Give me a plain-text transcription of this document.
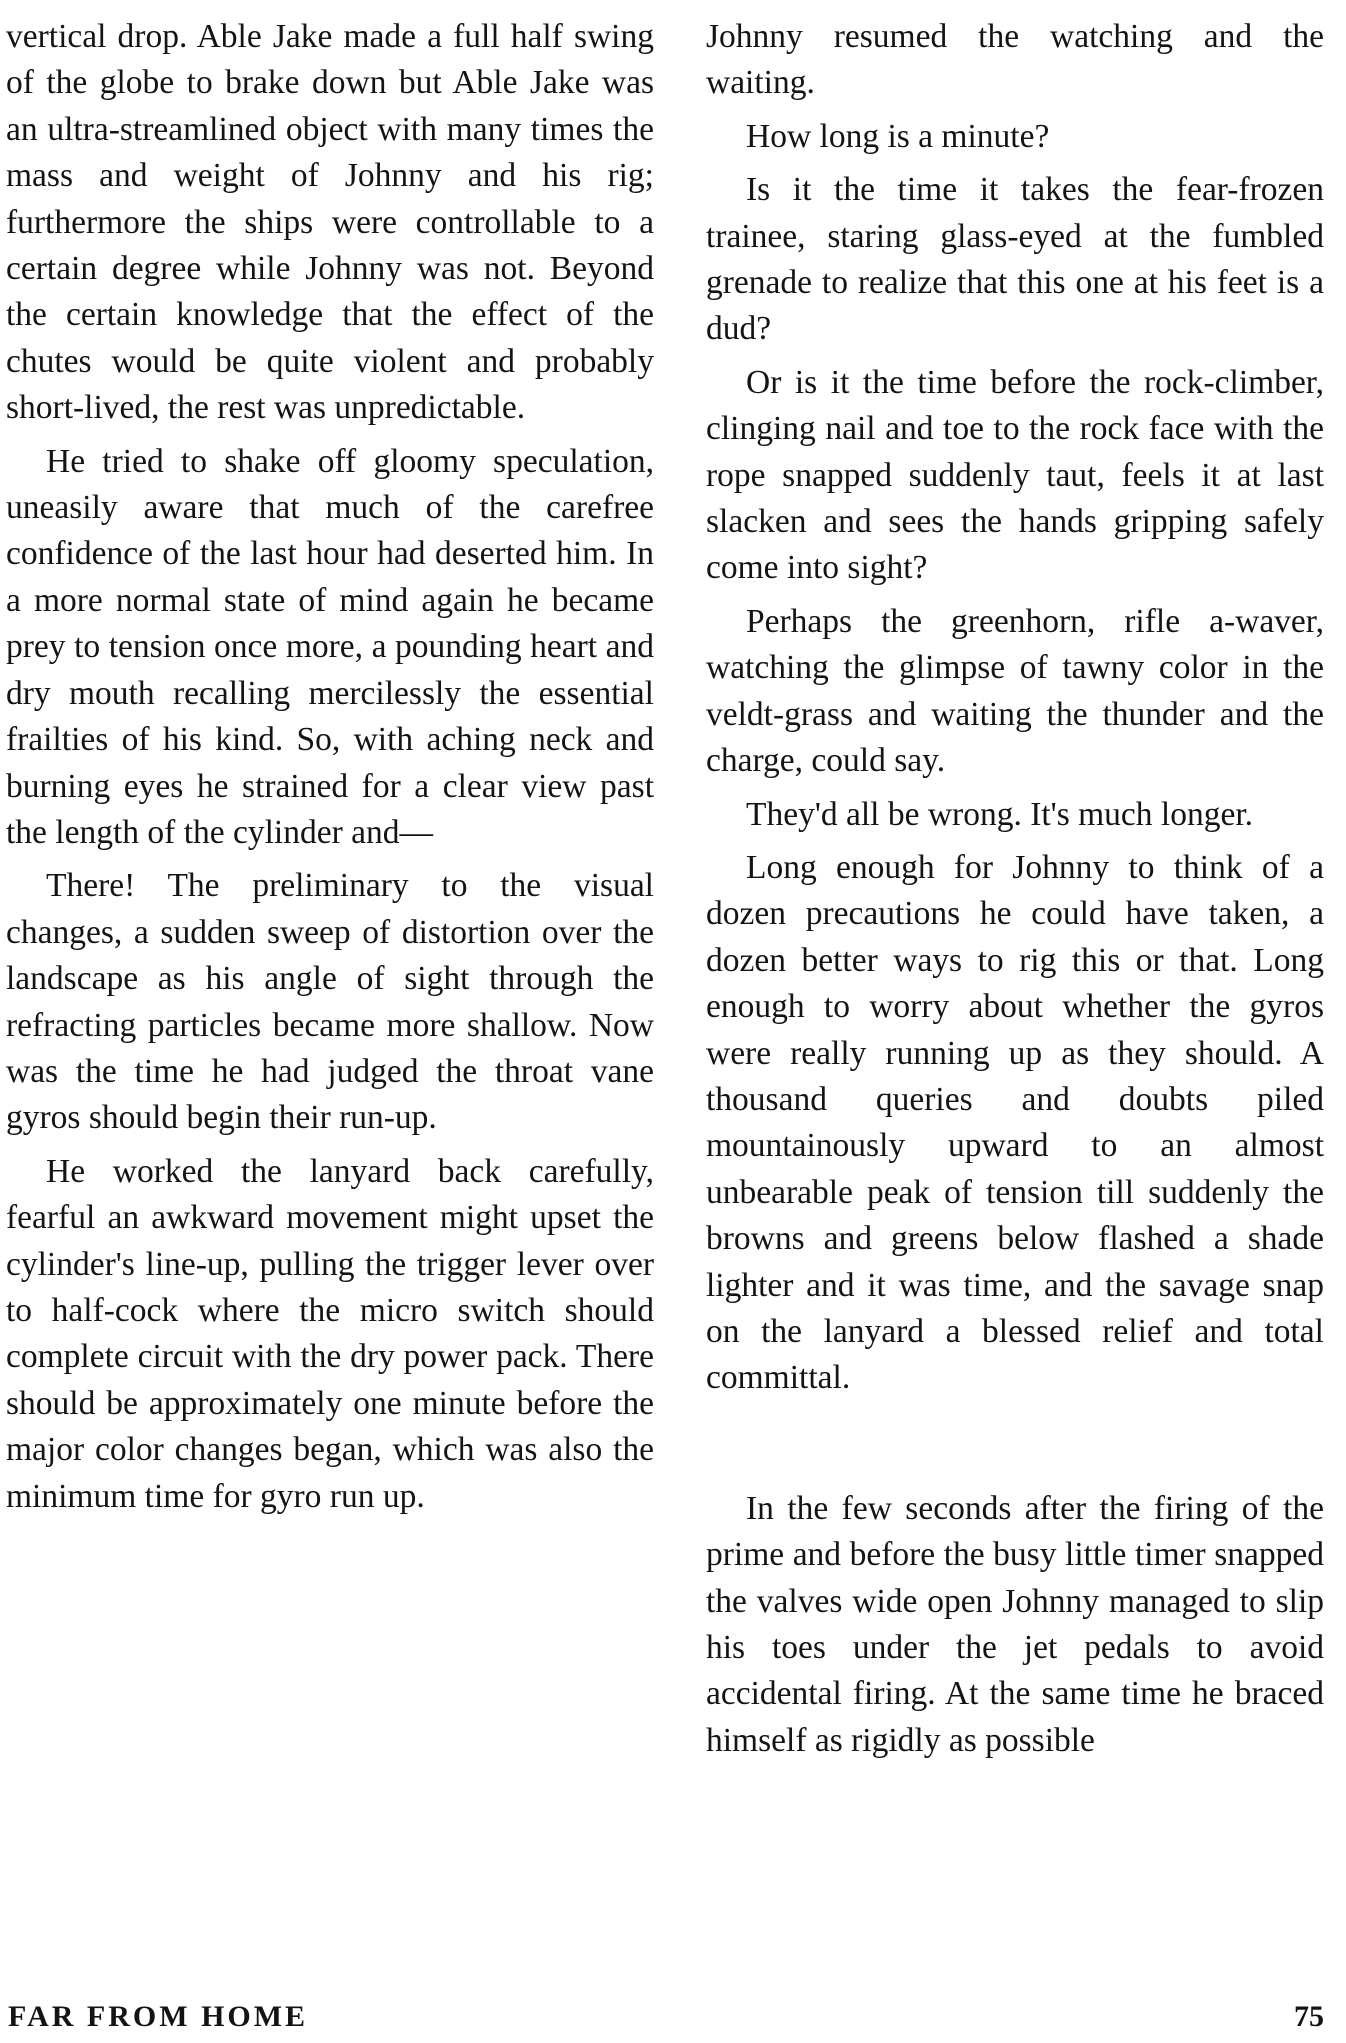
vertical drop. Able Jake made a full half swing of the globe to brake down but Able Jake was an ultra-streamlined object with many times the mass and weight of Johnny and his rig; furthermore the ships were controllable to a certain degree while Johnny was not. Beyond the certain knowledge that the effect of the chutes would be quite violent and probably short-lived, the rest was unpredictable.

He tried to shake off gloomy speculation, uneasily aware that much of the carefree confidence of the last hour had deserted him. In a more normal state of mind again he became prey to tension once more, a pounding heart and dry mouth recalling mercilessly the essential frailties of his kind. So, with aching neck and burning eyes he strained for a clear view past the length of the cylinder and—

There! The preliminary to the visual changes, a sudden sweep of distortion over the landscape as his angle of sight through the refracting particles became more shallow. Now was the time he had judged the throat vane gyros should begin their run-up.

He worked the lanyard back carefully, fearful an awkward movement might upset the cylinder's line-up, pulling the trigger lever over to half-cock where the micro switch should complete circuit with the dry power pack. There should be approximately one minute before the major color changes began, which was also the minimum time for gyro run up.

Johnny resumed the watching and the waiting.

How long is a minute?

Is it the time it takes the fear-frozen trainee, staring glass-eyed at the fumbled grenade to realize that this one at his feet is a dud?

Or is it the time before the rock-climber, clinging nail and toe to the rock face with the rope snapped suddenly taut, feels it at last slacken and sees the hands gripping safely come into sight?

Perhaps the greenhorn, rifle a-waver, watching the glimpse of tawny color in the veldt-grass and waiting the thunder and the charge, could say.

They'd all be wrong. It's much longer.

Long enough for Johnny to think of a dozen precautions he could have taken, a dozen better ways to rig this or that. Long enough to worry about whether the gyros were really running up as they should. A thousand queries and doubts piled mountainously upward to an almost unbearable peak of tension till suddenly the browns and greens below flashed a shade lighter and it was time, and the savage snap on the lanyard a blessed relief and total committal.

In the few seconds after the firing of the prime and before the busy little timer snapped the valves wide open Johnny managed to slip his toes under the jet pedals to avoid accidental firing. At the same time he braced himself as rigidly as possible

FAR FROM HOME	75
